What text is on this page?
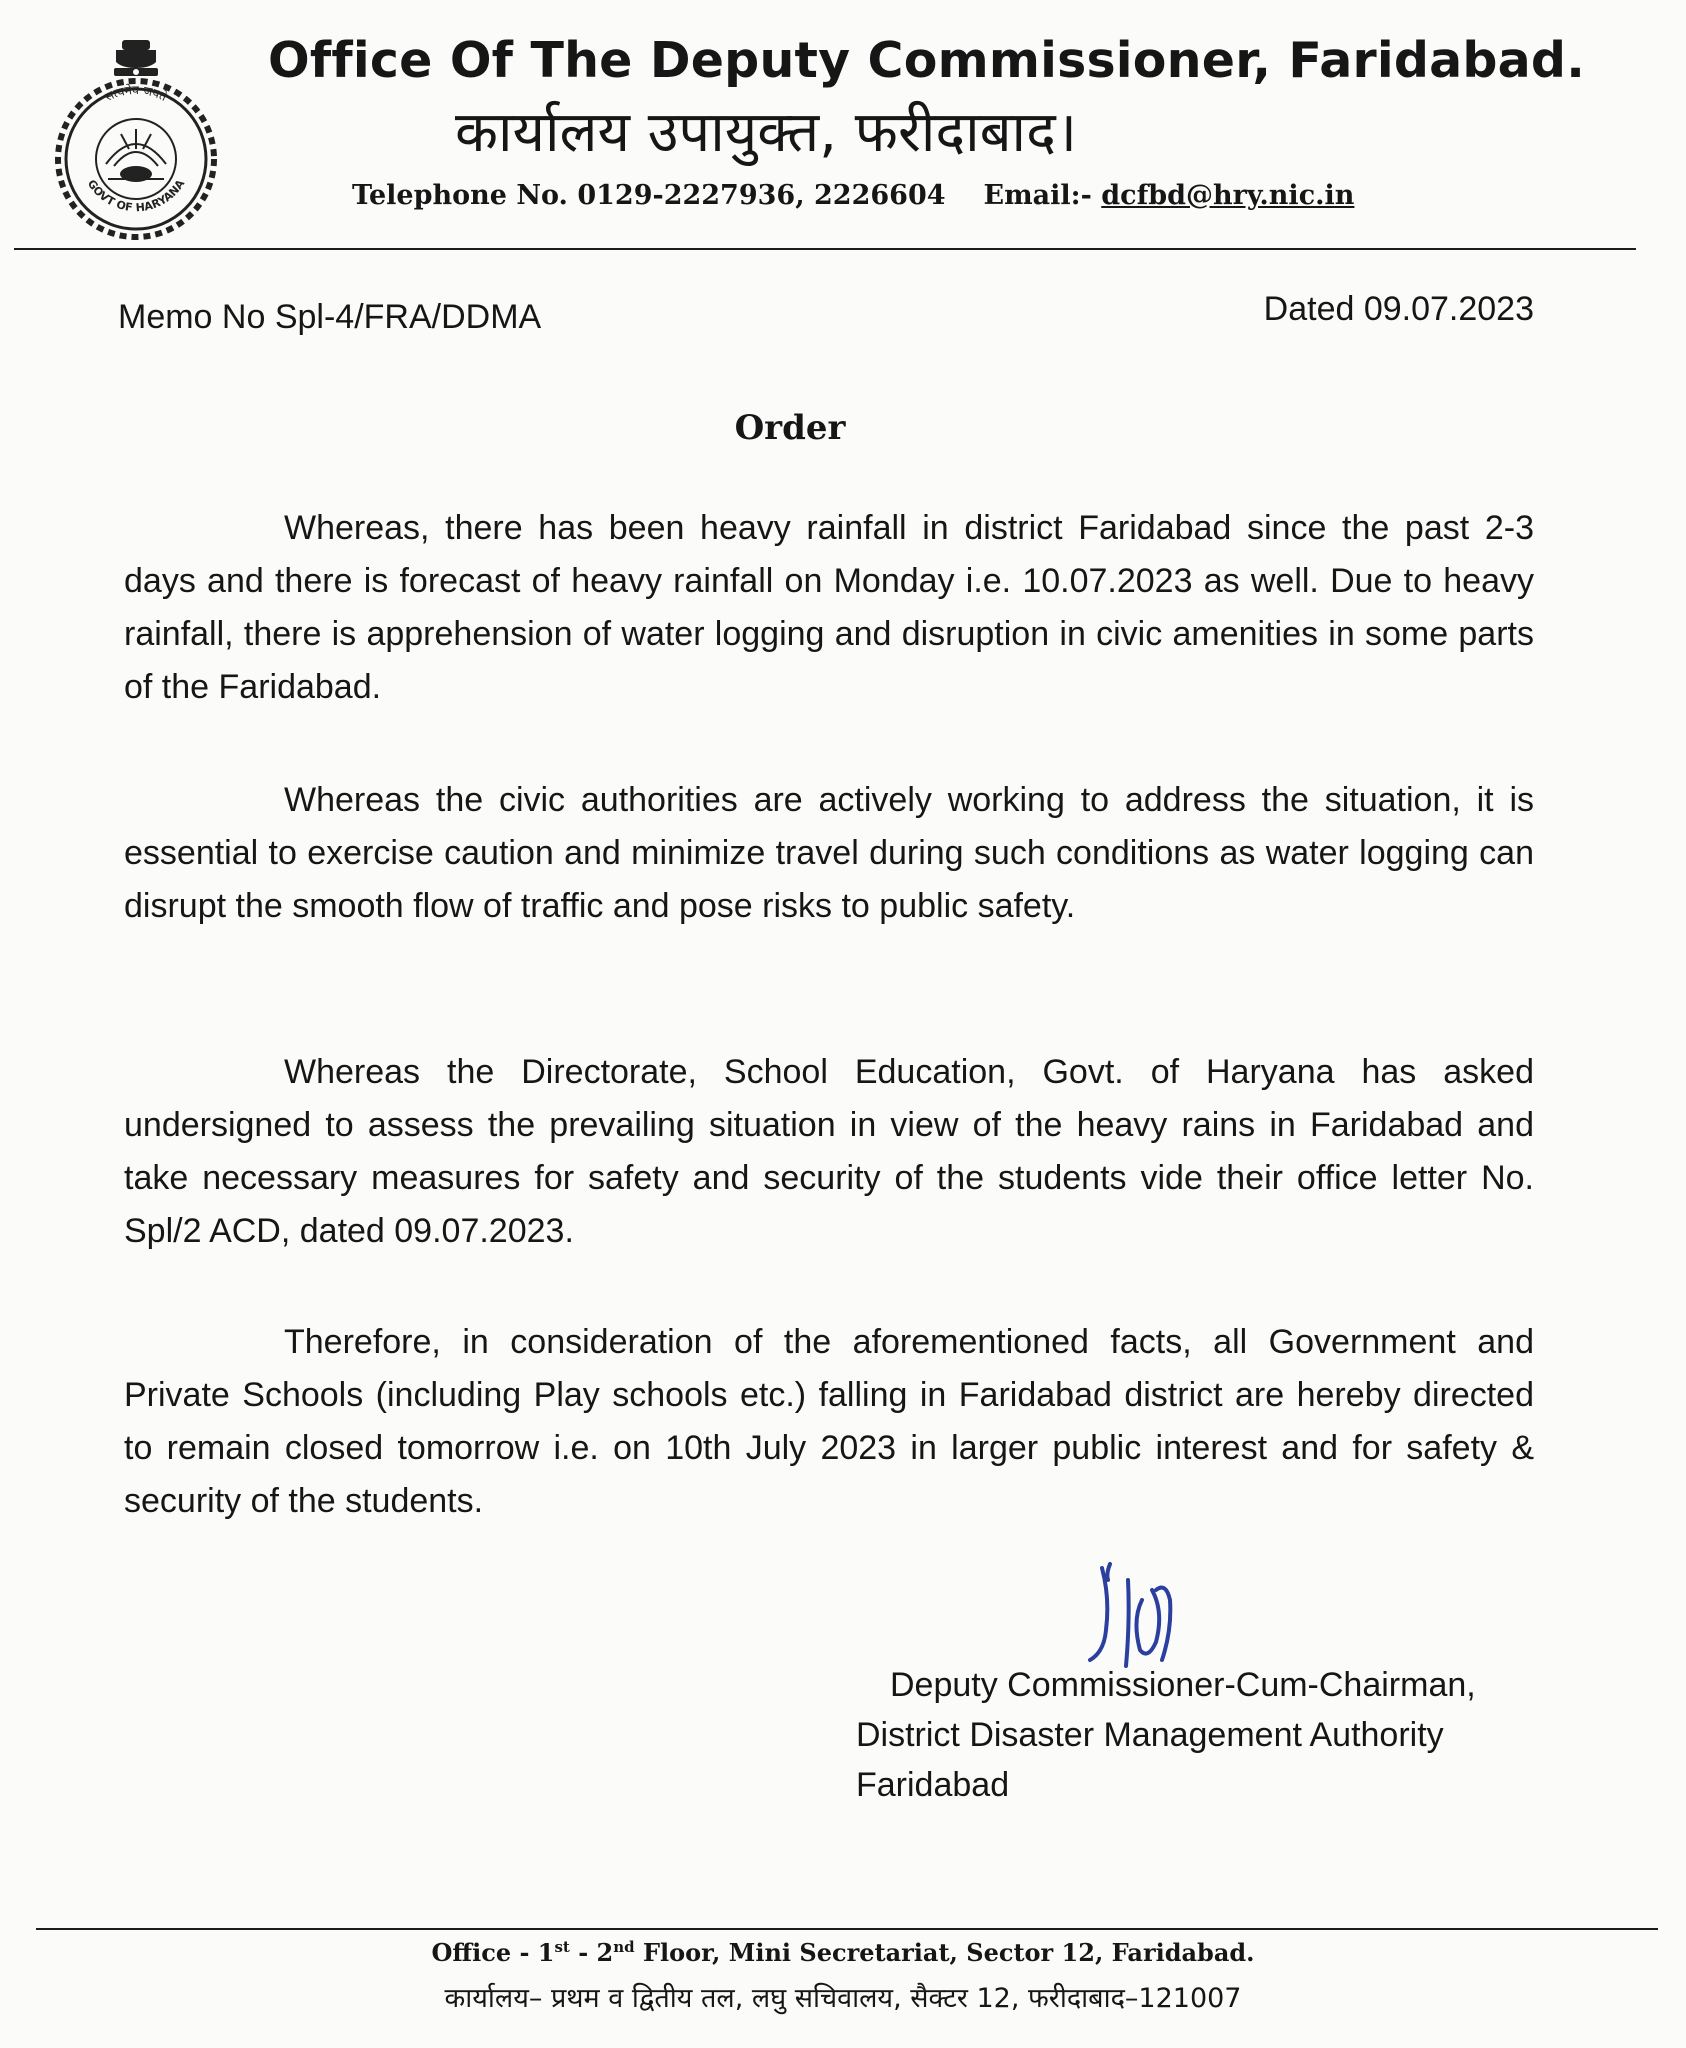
सत्यमेव जयते
GOVT OF HARYANA
Office Of The Deputy Commissioner, Faridabad.
कार्यालय उपायुक्त, फरीदाबाद।
Telephone No. 0129-2227936, 2226604 Email:- dcfbd@hry.nic.in
Memo No Spl-4/FRA/DDMA	Dated 09.07.2023
Order
Whereas, there has been heavy rainfall in district Faridabad since the past 2-3 days and there is forecast of heavy rainfall on Monday i.e. 10.07.2023 as well. Due to heavy rainfall, there is apprehension of water logging and disruption in civic amenities in some parts of the Faridabad.
Whereas the civic authorities are actively working to address the situation, it is essential to exercise caution and minimize travel during such conditions as water logging can disrupt the smooth flow of traffic and pose risks to public safety.
Whereas the Directorate, School Education, Govt. of Haryana has asked undersigned to assess the prevailing situation in view of the heavy rains in Faridabad and take necessary measures for safety and security of the students vide their office letter No. Spl/2 ACD, dated 09.07.2023.
Therefore, in consideration of the aforementioned facts, all Government and Private Schools (including Play schools etc.) falling in Faridabad district are hereby directed to remain closed tomorrow i.e. on 10th July 2023 in larger public interest and for safety & security of the students.
Deputy Commissioner-Cum-Chairman,
District Disaster Management Authority
Faridabad
Office - 1st - 2nd Floor, Mini Secretariat, Sector 12, Faridabad.
कार्यालय– प्रथम व द्वितीय तल, लघु सचिवालय, सैक्टर 12, फरीदाबाद–121007
